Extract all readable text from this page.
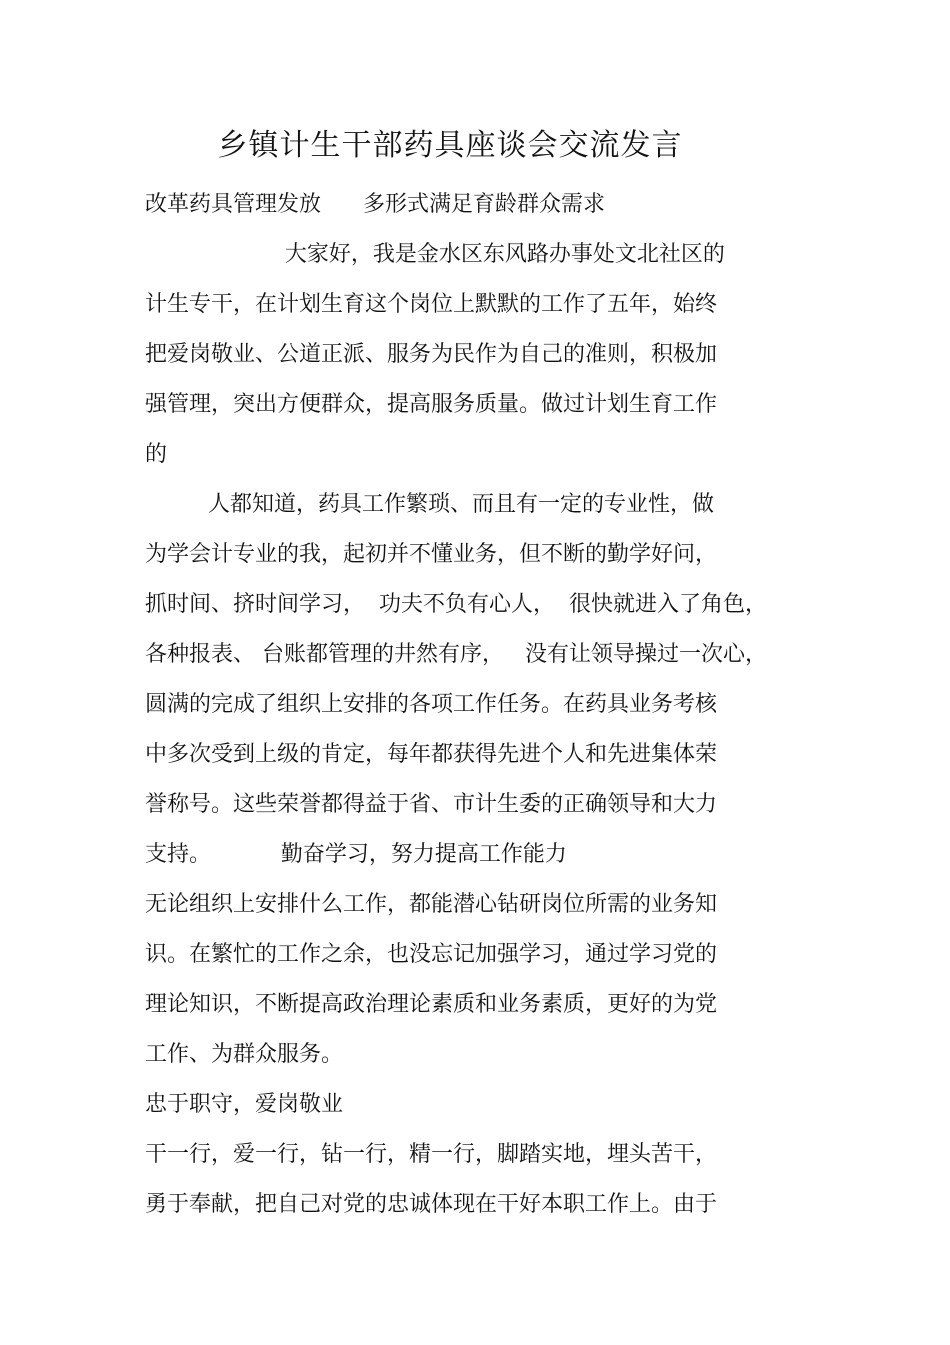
乡镇计生干部药具座谈会交流发言
改革药具管理发放      多形式满足育龄群众需求
大家好，我是金水区东风路办事处文北社区的
计生专干，在计划生育这个岗位上默默的工作了五年，始终
把爱岗敬业、公道正派、服务为民作为自己的准则，积极加
强管理，突出方便群众，提高服务质量。做过计划生育工作
的
人都知道，药具工作繁琐、而且有一定的专业性，做
为学会计专业的我，起初并不懂业务，但不断的勤学好问，
抓时间、挤时间学习，  功夫不负有心人，  很快就进入了角色，
各种报表、 台账都管理的井然有序，   没有让领导操过一次心，
圆满的完成了组织上安排的各项工作任务。在药具业务考核
中多次受到上级的肯定，每年都获得先进个人和先进集体荣
誉称号。这些荣誉都得益于省、市计生委的正确领导和大力
支持。          勤奋学习，努力提高工作能力
无论组织上安排什么工作，都能潜心钻研岗位所需的业务知
识。在繁忙的工作之余，也没忘记加强学习，通过学习党的
理论知识，不断提高政治理论素质和业务素质，更好的为党
工作、为群众服务。
忠于职守，爱岗敬业
干一行，爱一行，钻一行，精一行，脚踏实地，埋头苦干，
勇于奉献，把自己对党的忠诚体现在干好本职工作上。由于
